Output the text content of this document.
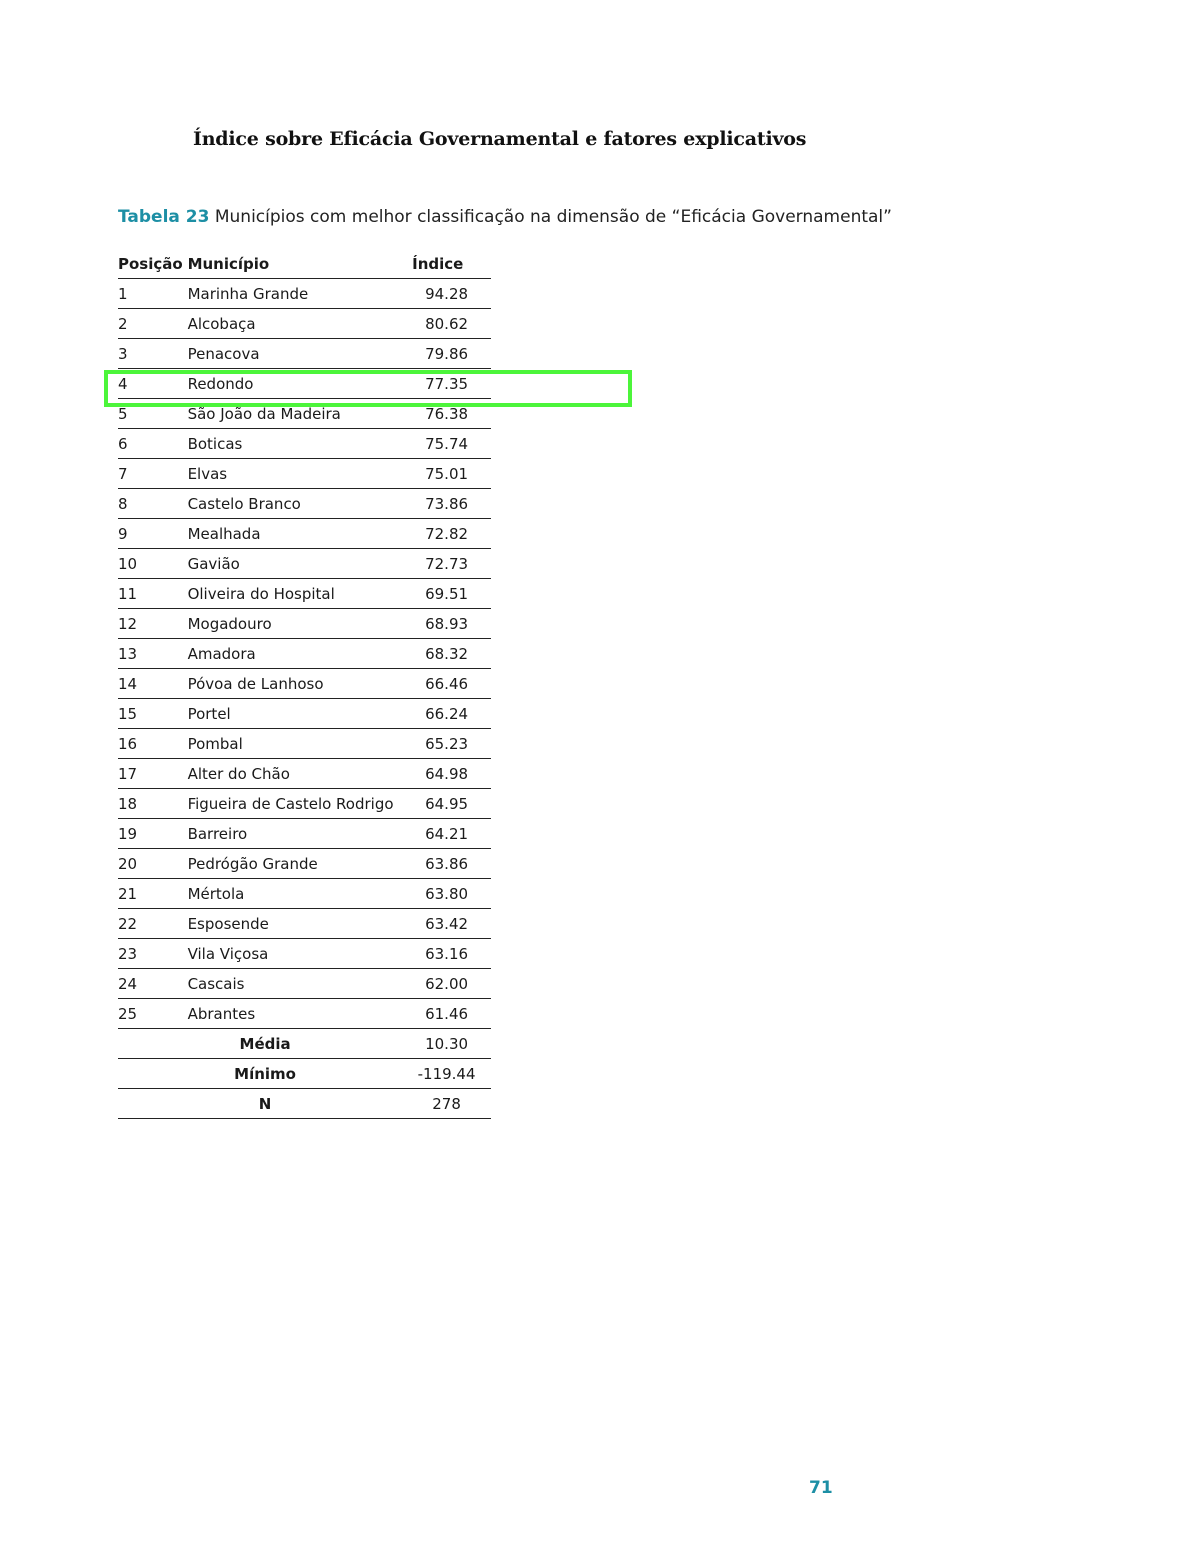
Índice sobre Eficácia Governamental e fatores explicativos
Tabela 23 Municípios com melhor classificação na dimensão de “Eficácia Governamental”
Posição	Município	Índice
1	Marinha Grande	94.28
2	Alcobaça	80.62
3	Penacova	79.86
4	Redondo	77.35
5	São João da Madeira	76.38
6	Boticas	75.74
7	Elvas	75.01
8	Castelo Branco	73.86
9	Mealhada	72.82
10	Gavião	72.73
11	Oliveira do Hospital	69.51
12	Mogadouro	68.93
13	Amadora	68.32
14	Póvoa de Lanhoso	66.46
15	Portel	66.24
16	Pombal	65.23
17	Alter do Chão	64.98
18	Figueira de Castelo Rodrigo	64.95
19	Barreiro	64.21
20	Pedrógão Grande	63.86
21	Mértola	63.80
22	Esposende	63.42
23	Vila Viçosa	63.16
24	Cascais	62.00
25	Abrantes	61.46
Média		10.30
Mínimo		-119.44
N		278
71
